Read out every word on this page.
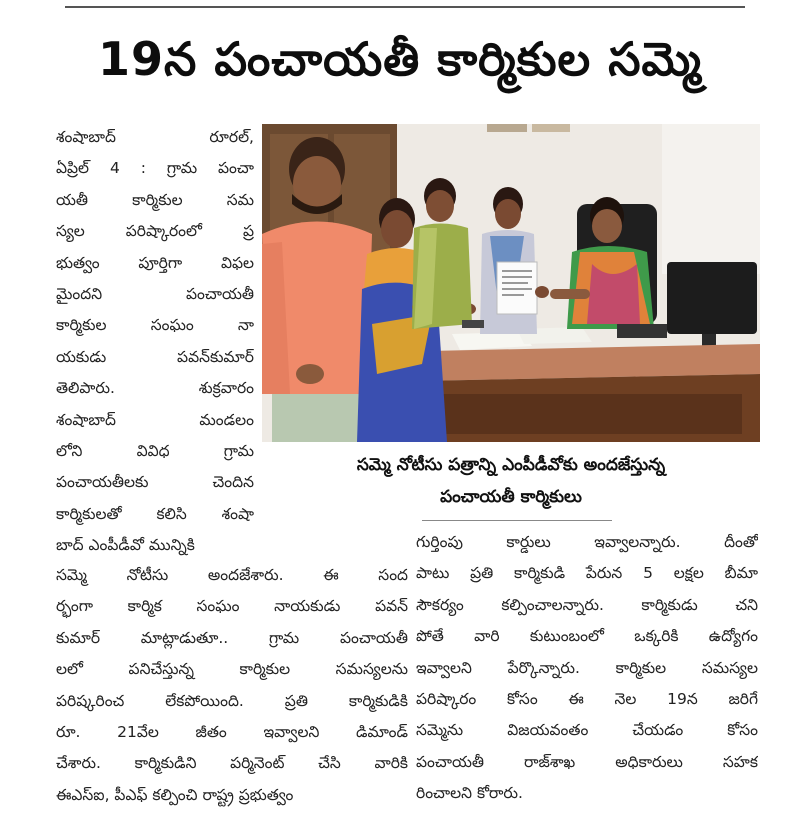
19న పంచాయతీ కార్మికుల సమ్మె
శంషాబాద్ రూరల్,
ఏప్రిల్ 4 : గ్రామ పంచా
యతీ కార్మికుల సమ
స్యల పరిష్కారంలో ప్ర
భుత్వం పూర్తిగా విఫల
మైందని పంచాయతీ
కార్మికుల సంఘం నా
యకుడు పవన్‌కుమార్
తెలిపారు. శుక్రవారం
శంషాబాద్ మండలం
లోని వివిధ గ్రామ
పంచాయతీలకు చెందిన
కార్మికులతో కలిసి శంషా
బాద్ ఎంపీడీవో మున్నికి
సమ్మె నోటీసు పత్రాన్ని ఎంపీడీవోకు అందజేస్తున్న
పంచాయతీ కార్మికులు
సమ్మె నోటీసు అందజేశారు. ఈ సంద
ర్భంగా కార్మిక సంఘం నాయకుడు పవన్
కుమార్ మాట్లాడుతూ.. గ్రామ పంచాయతీ
లలో పనిచేస్తున్న కార్మికుల సమస్యలను
పరిష్కరించ లేకపోయింది. ప్రతి కార్మికుడికి
రూ. 21వేల జీతం ఇవ్వాలని డిమాండ్
చేశారు. కార్మికుడిని పర్మినెంట్ చేసి వారికి
ఈఎస్ఐ, పీఎఫ్ కల్పించి రాష్ట్ర ప్రభుత్వం
గుర్తింపు కార్డులు ఇవ్వాలన్నారు. దీంతో
పాటు ప్రతి కార్మికుడి పేరున 5 లక్షల బీమా
సౌకర్యం కల్పించాలన్నారు. కార్మికుడు చని
పోతే వారి కుటుంబంలో ఒక్కరికి ఉద్యోగం
ఇవ్వాలని పేర్కొన్నారు. కార్మికుల సమస్యల
పరిష్కారం కోసం ఈ నెల 19న జరిగే
సమ్మెను విజయవంతం చేయడం కోసం
పంచాయతీ రాజ్‌శాఖ అధికారులు సహక
రించాలని కోరారు.
